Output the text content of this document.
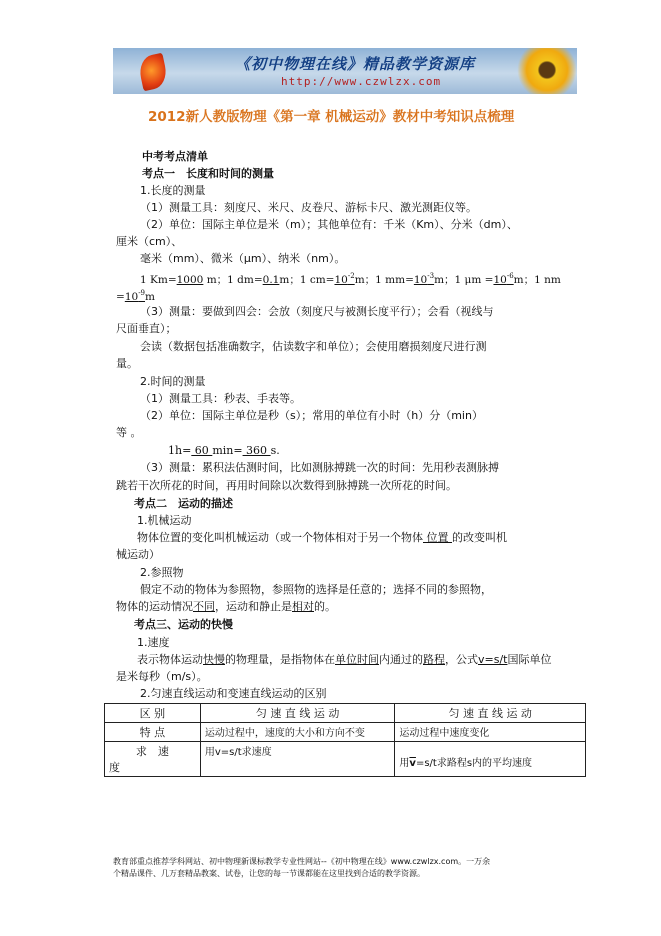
《初中物理在线》精品教学资源库
http://www.czwlzx.com
2012新人教版物理《第一章 机械运动》教材中考知识点梳理
中考考点清单
考点一　长度和时间的测量
1.长度的测量
（1）测量工具：刻度尺、米尺、皮卷尺、游标卡尺、激光测距仪等。
（2）单位：国际主单位是米（m）；其他单位有：千米（Km）、分米（dm）、
厘米（cm）、
毫米（mm）、微米（μm）、纳米（nm）。
1 Km=1000 m；1 dm=0.1m；1 $cm=10^{-2}m$；1 $mm=10^{-3}m$；1 $\mu m =10^{-6}m$；1 nm
$=10^{-9}m$
（3）测量：要做到四会：会放（刻度尺与被测长度平行）；会看（视线与
尺面垂直）；
会读（数据包括准确数字，估读数字和单位）；会使用磨损刻度尺进行测
量。
2.时间的测量
（1）测量工具：秒表、手表等。
（2）单位：国际主单位是秒（s）；常用的单位有小时（h）分（min）
等 。
1h= 60 min= 360 s.
（3）测量：累积法估测时间，比如测脉搏跳一次的时间：先用秒表测脉搏
跳若干次所花的时间，再用时间除以次数得到脉搏跳一次所花的时间。
考点二　运动的描述
1.机械运动
物体位置的变化叫机械运动（或一个物体相对于另一个物体 位置 的改变叫机
械运动）
2.参照物
假定不动的物体为参照物，参照物的选择是任意的；选择不同的参照物，
物体的运动情况不同，运动和静止是相对的。
考点三、运动的快慢
1.速度
表示物体运动快慢的物理量，是指物体在单位时间内通过的路程，公式v=s/t国际单位
是米每秒（m/s）。
2.匀速直线运动和变速直线运动的区别
区 别	匀 速 直 线 运 动	匀 速 直 线 运 动
特 点	运动过程中，速度的大小和方向不变	运动过程中速度变化

求　速
度	用v=s/t求速度	用$\overline{v}=s/t$求路程s内的平均速度
教育部重点推荐学科网站、初中物理新课标教学专业性网站--《初中物理在线》www.czwlzx.com。一万余
个精品课件、几万套精品教案、试卷，让您的每一节课都能在这里找到合适的教学资源。
